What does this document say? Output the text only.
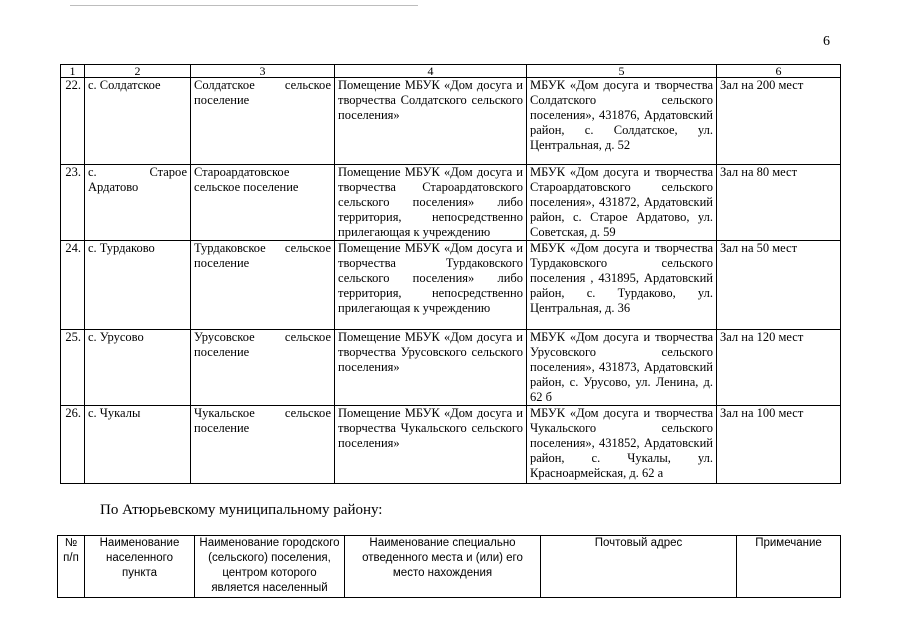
6
1	2	3	4	5	6
22.	с. Солдатское	Солдатское сельское поселение	Помещение МБУК «Дом досуга и творчества Солдатского сельского поселения»	МБУК «Дом досуга и творчества Солдатского сельского поселения», 431876, Ардатовский район, с. Солдатское, ул. Центральная, д. 52	Зал на 200 мест
23.	с. Старое Ардатово	Староардатовское сельское поселение	Помещение МБУК «Дом досуга и творчества Староардатовского сельского поселения» либо территория, непосредственно прилегающая к учреждению	МБУК «Дом досуга и творчества Староардатовского сельского поселения», 431872, Ардатовский район, с. Старое Ардатово, ул. Советская, д. 59	Зал на 80 мест
24.	с. Турдаково	Турдаковское сельское поселение	Помещение МБУК «Дом досуга и творчества Турдаковского сельского поселения» либо территория, непосредственно прилегающая к учреждению	МБУК «Дом досуга и творчества Турдаковского сельского поселения , 431895, Ардатовский район, с. Турдаково, ул. Центральная, д. 36	Зал на 50 мест
25.	с. Урусово	Урусовское сельское поселение	Помещение МБУК «Дом досуга и творчества Урусовского сельского поселения»	МБУК «Дом досуга и творчества Урусовского сельского поселения», 431873, Ардатовский район, с. Урусово, ул. Ленина, д. 62 б	Зал на 120 мест
26.	с. Чукалы	Чукальское сельское поселение	Помещение МБУК «Дом досуга и творчества Чукальского сельского поселения»	МБУК «Дом досуга и творчества Чукальского сельского поселения», 431852, Ардатовский район, с. Чукалы, ул. Красноармейская, д. 62 а	Зал на 100 мест
По Атюрьевскому муниципальному району:
№ п/п	Наименование населенного пункта	Наименование городского (сельского) поселения, центром которого является населенный	Наименование специально отведенного места и (или) его место нахождения	Почтовый адрес	Примечание
